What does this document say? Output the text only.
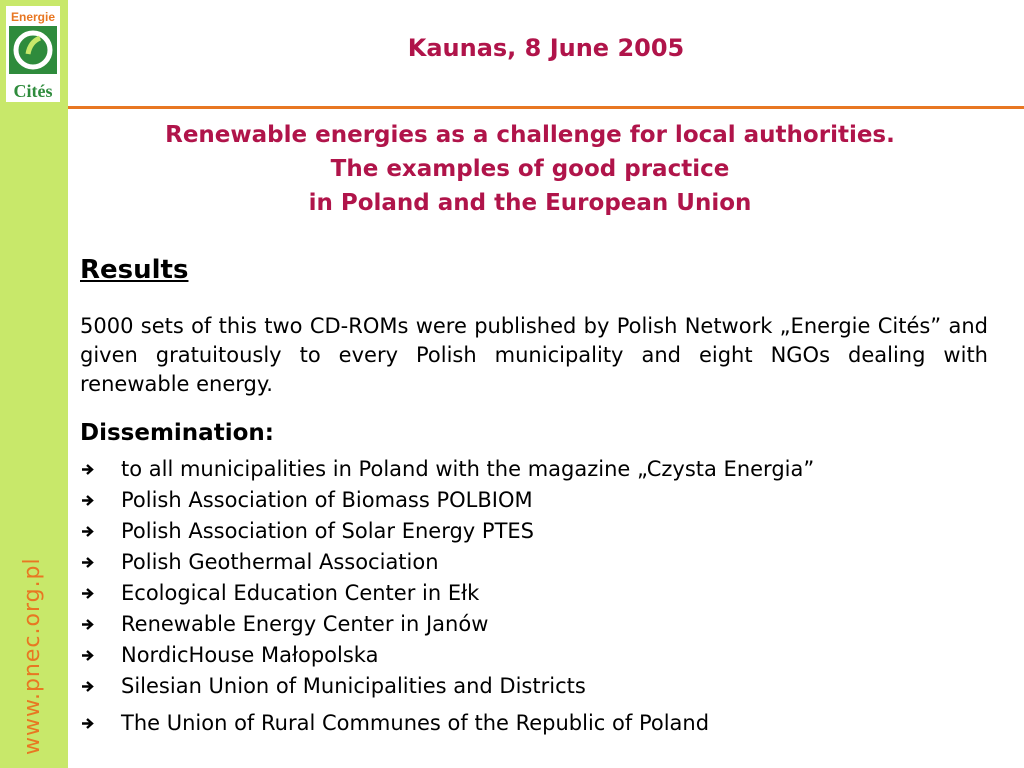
Energie
Cités
www.pnec.org.pl
Kaunas, 8 June 2005
Renewable energies as a challenge for local authorities.
The examples of good practice
in Poland and the European Union
Results
5000 sets of this two CD-ROMs were published by Polish Network „Energie Cités” and given gratuitously to every Polish municipality and eight NGOs dealing with renewable energy.
Dissemination:
to all municipalities in Poland with the magazine „Czysta Energia”
Polish Association of Biomass POLBIOM
Polish Association of Solar Energy PTES
Polish Geothermal Association
Ecological Education Center in Ełk
Renewable Energy Center in Janów
NordicHouse Małopolska
Silesian Union of Municipalities and Districts
The Union of Rural Communes of the Republic of Poland
